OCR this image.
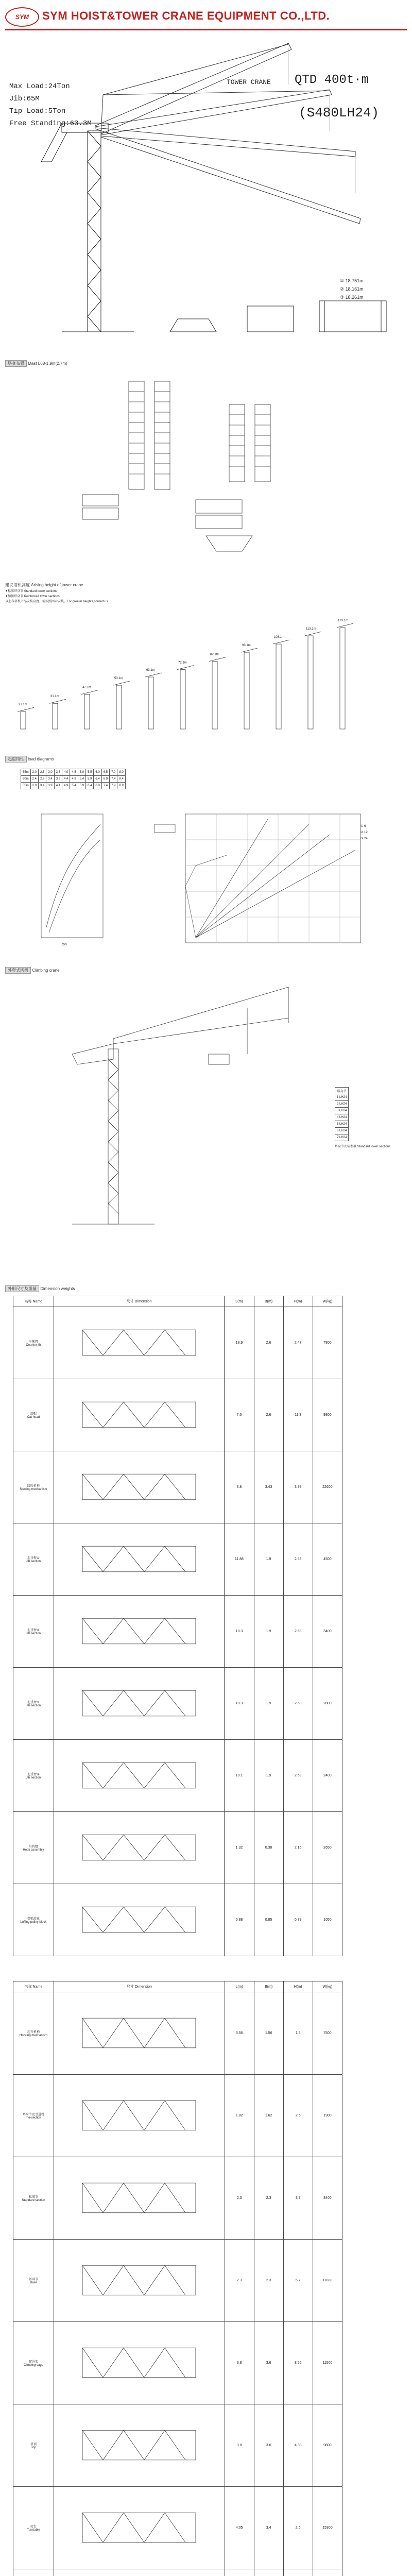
SYM	SYM HOIST&TOWER CRANE EQUIPMENT CO.,LTD.
Max Load:24Ton
Jib:65M
Tip Load:5Ton
Free Standing:63.3M
TOWER CRANE QTD 400t·m
(S480LH24)
① 18.751m
② 18.161m
③ 18.261m
塔身布置 Mast L68-1.9m(2.7m)
建议塔机高度 Arising height of tower crane
⚫标准塔身节 Standard tower sections
⚫加强塔身节 Reinforced tower sections
以上各塔机产品安装高度，需按照图示安装。For greater heights,consult us.
21.1m
31.1m
42.1m
53.1m
63.1m
72.1m
82.1m
93.1m
103.1m
113.1m
123.1m
起重特性 load diagrams
65m	2.0	2.5	3.0	3.5	4.0	4.5	5.0	5.5	6.0	6.5	7.0	8.0
60m	2.4	2.9	3.4	3.9	4.4	4.9	5.4	5.9	6.4	6.9	7.4	8.4
55m	2.9	3.4	3.9	4.4	4.9	5.4	5.9	6.4	6.9	7.4	7.9	8.9
ton
① 6
② 12
③ 24
外爬式塔机 Climbing crane
塔身节
1 LH24
2 LH24
3 LH24
4 LH24
5 LH24
6 LH24
7 LH24
塔身节安装参数 Standard tower sections
外形尺寸及重量 Dimension weights
名称 Name	尺寸 Dimension	L(m)	B(m)	H(m)	W(kg)

平衡臂
Counter jib		18.9	2.6	2.47	7800

塔帽
Cat head		7.6	2.6	11.3	9800

回转机构
Slewing mechanism		3.8	3.43	3.97	22600

起重臂①
Jib section		11.88	1.9	2.63	4500

起重臂②
Jib section		10.3	1.9	2.63	3400

起重臂③
Jib section		10.3	1.9	2.63	2800

起重臂④
Jib section		10.1	1.9	2.63	2400

吊钩组
Hook assembly		1.32	0.38	2.16	2650

变幅滑轮
Luffing pulley block		0.88	0.85	0.79	1050
名称 Name	尺寸 Dimension	L(m)	B(m)	H(m)	W(kg)

起升机构
Hoisting mechanism		3.56	1.56	1.5	7500

塔身节及引进棁
Tie-section		1.82	1.62	2.5	1900

标准节
Standard section		2.3	2.3	3.7	8400

基础节
Base		2.3	2.3	5.7	11800

爬升架
Climbing cage		3.8	3.6	8.55	11500

塔顶
Top		3.8	3.6	4.38	9800

转台
Turntable		4.05	3.4	2.6	15300
